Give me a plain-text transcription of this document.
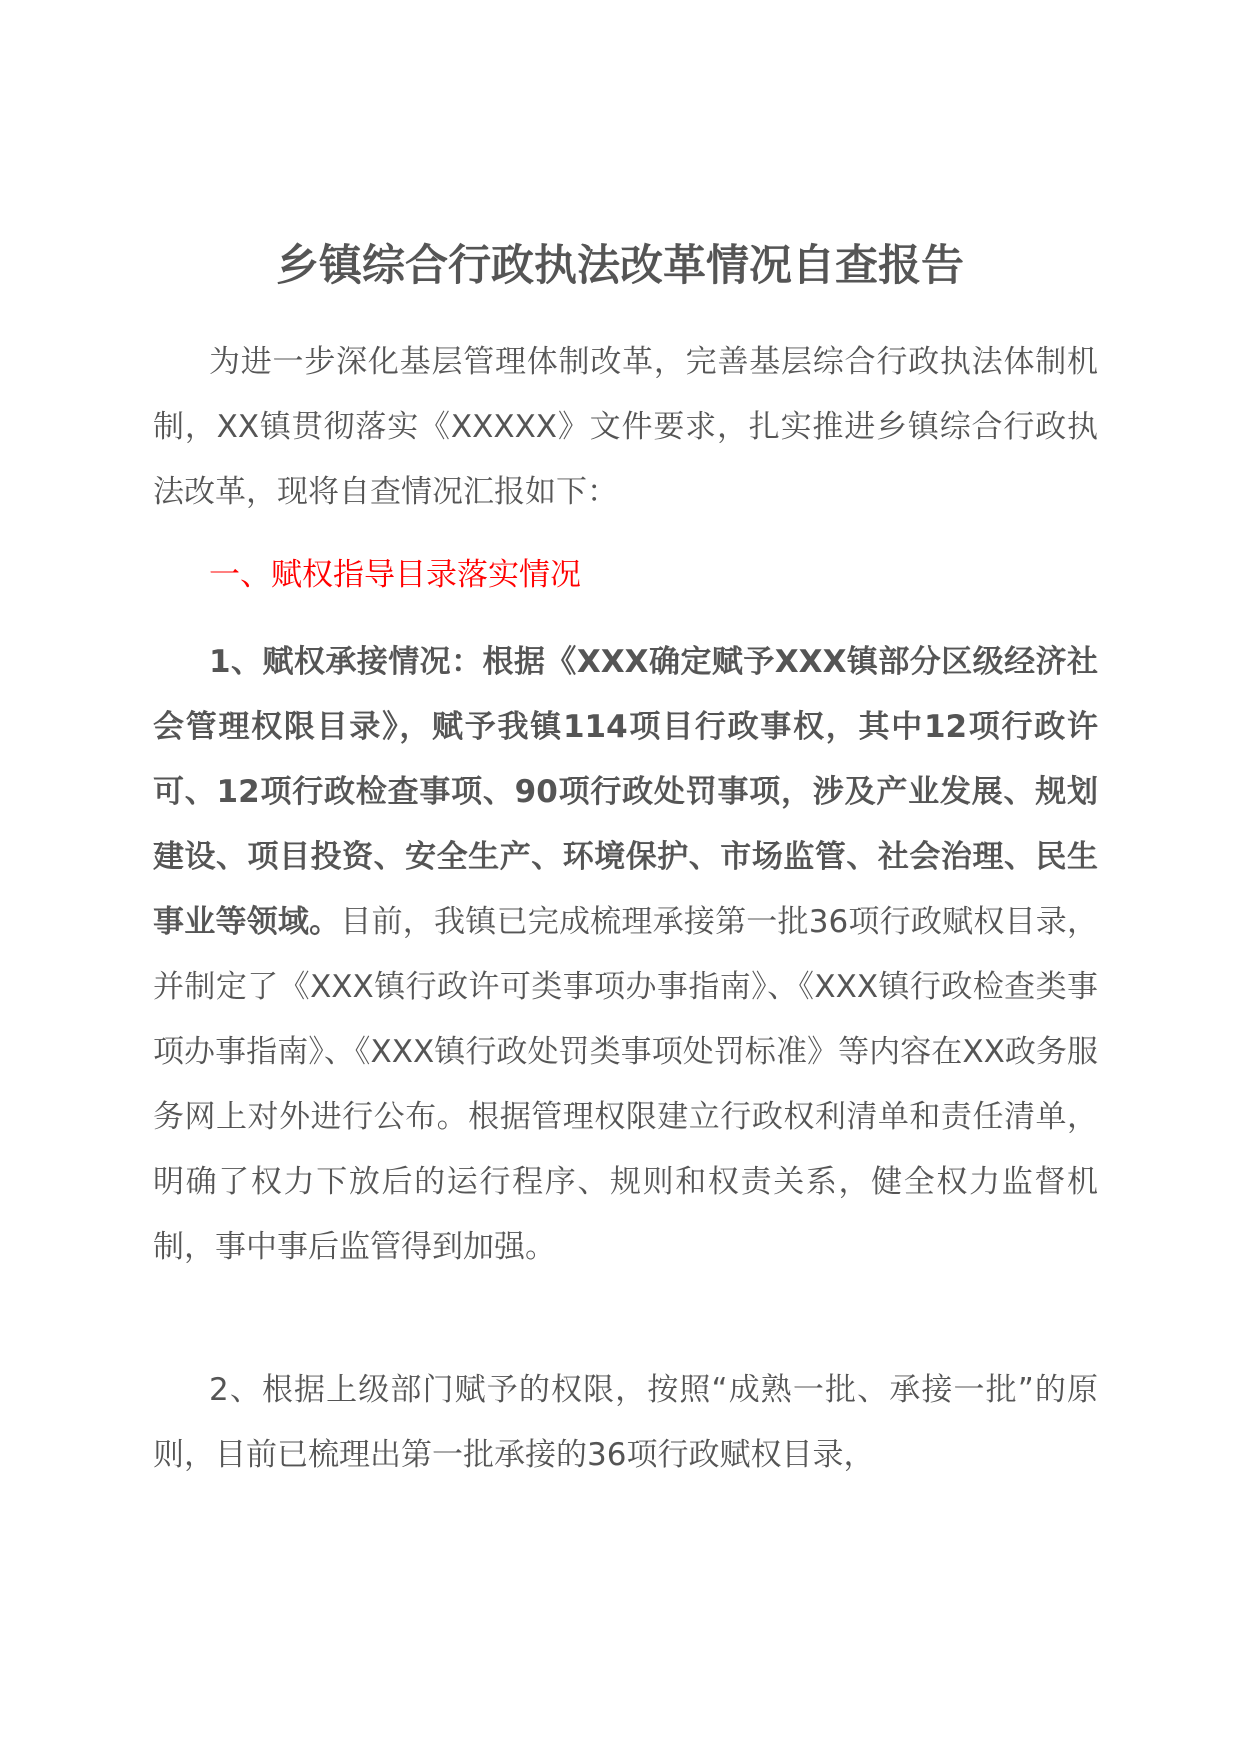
乡镇综合行政执法改革情况自查报告

为进一步深化基层管理体制改革，完善基层综合行政执法体制机制，XX镇贯彻落实《XXXXX》文件要求，扎实推进乡镇综合行政执法改革，现将自查情况汇报如下：

一、赋权指导目录落实情况

1、赋权承接情况：根据《XXX确定赋予XXX镇部分区级经济社会管理权限目录》，赋予我镇114项目行政事权，其中12项行政许可、12项行政检查事项、90项行政处罚事项，涉及产业发展、规划建设、项目投资、安全生产、环境保护、市场监管、社会治理、民生事业等领域。目前，我镇已完成梳理承接第一批36项行政赋权目录，并制定了《XXX镇行政许可类事项办事指南》、《XXX镇行政检查类事项办事指南》、《XXX镇行政处罚类事项处罚标准》等内容在XX政务服务网上对外进行公布。根据管理权限建立行政权利清单和责任清单，明确了权力下放后的运行程序、规则和权责关系，健全权力监督机制，事中事后监管得到加强。

2、根据上级部门赋予的权限，按照“成熟一批、承接一批”的原则，目前已梳理出第一批承接的36项行政赋权目录，
